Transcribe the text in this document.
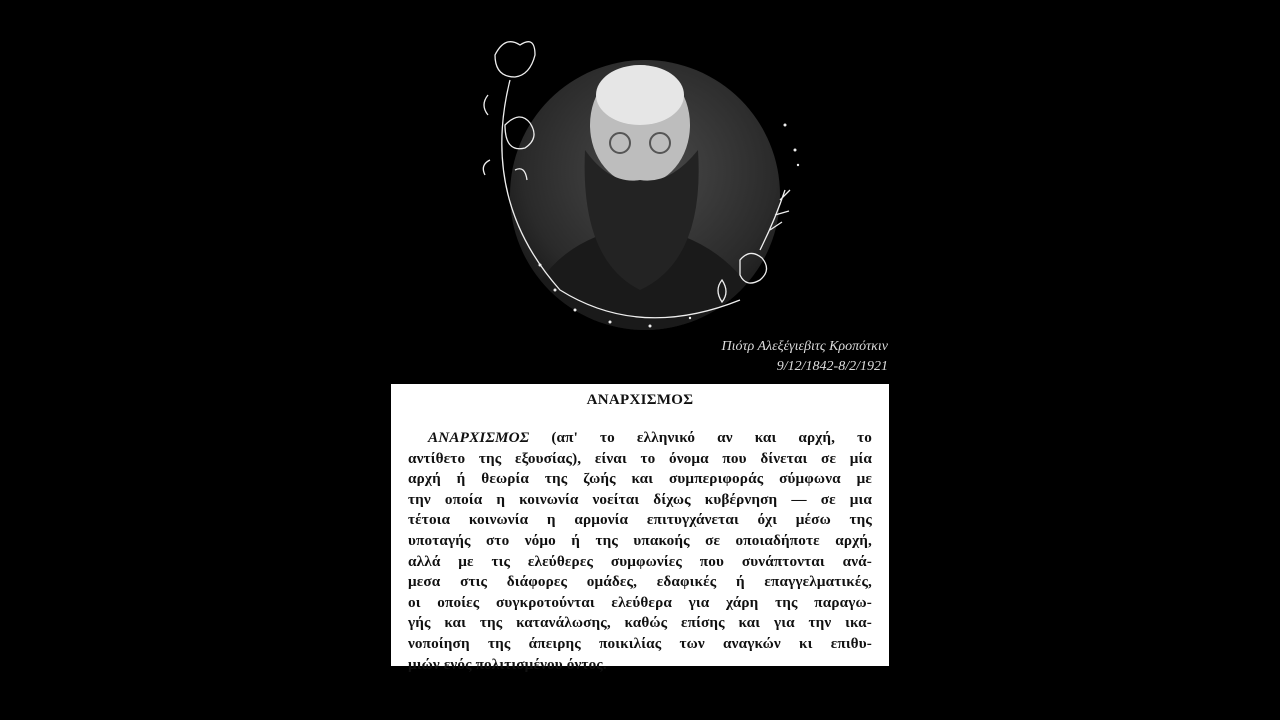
Πιότρ Αλεξέγιεβιτς Κροπότκιν
9/12/1842-8/2/1921
ΑΝΑΡΧΙΣΜΟΣ
ΑΝΑΡΧΙΣΜΟΣ (απ' το ελληνικό αν και αρχή, το
αντίθετο της εξουσίας), είναι το όνομα που δίνεται σε μία
αρχή ή θεωρία της ζωής και συμπεριφοράς σύμφωνα με
την οποία η κοινωνία νοείται δίχως κυβέρνηση — σε μια
τέτοια κοινωνία η αρμονία επιτυγχάνεται όχι μέσω της
υποταγής στο νόμο ή της υπακοής σε οποιαδήποτε αρχή,
αλλά με τις ελεύθερες συμφωνίες που συνάπτονται ανά-
μεσα στις διάφορες ομάδες, εδαφικές ή επαγγελματικές,
οι οποίες συγκροτούνται ελεύθερα για χάρη της παραγω-
γής και της κατανάλωσης, καθώς επίσης και για την ικα-
νοποίηση της άπειρης ποικιλίας των αναγκών κι επιθυ-
μιών ενός πολιτισμένου όντος.
